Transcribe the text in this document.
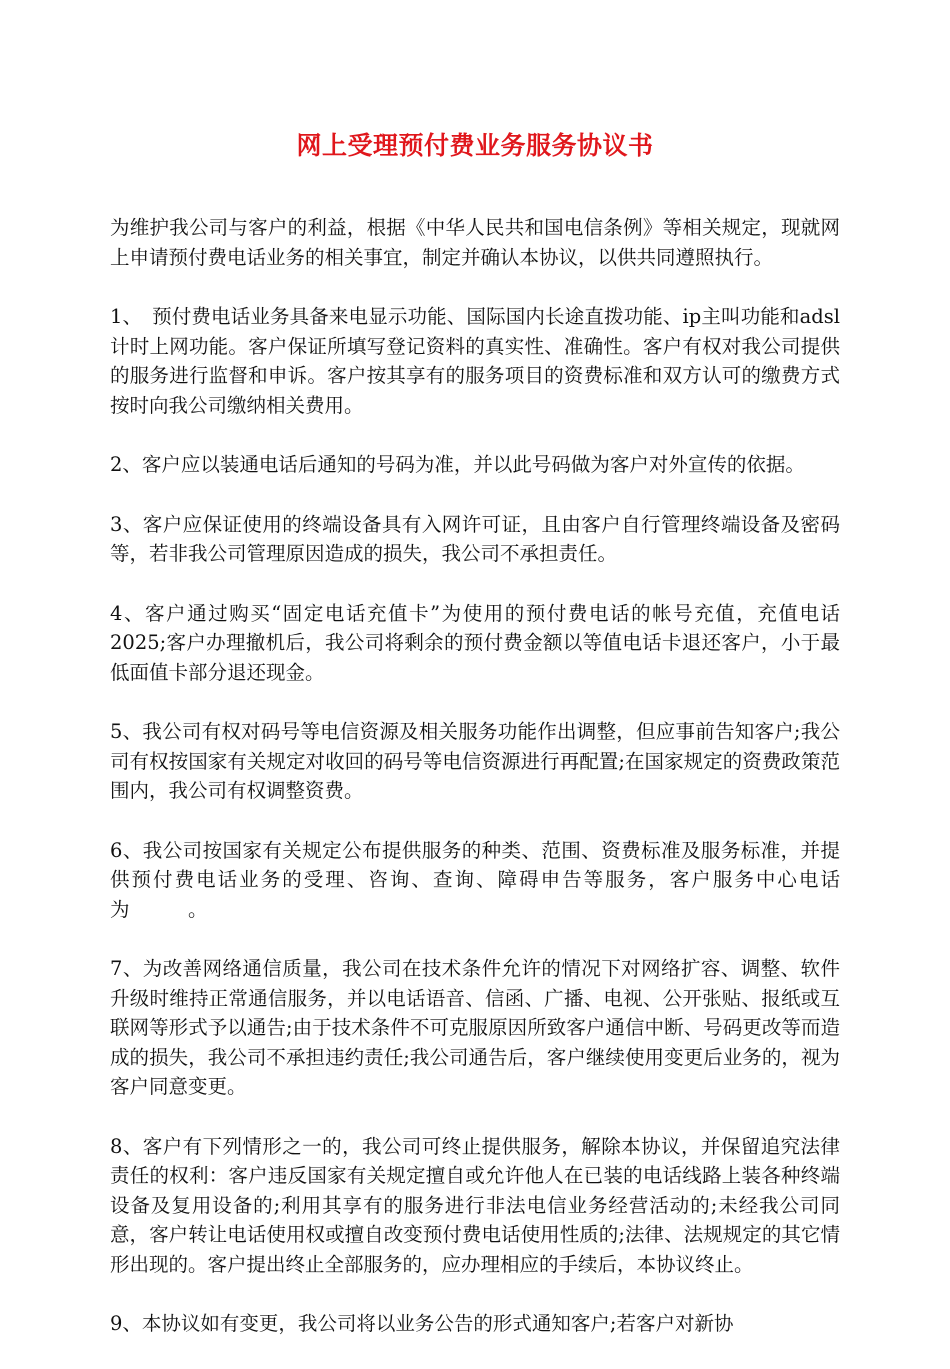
网上受理预付费业务服务协议书

为维护我公司与客户的利益，根据《中华人民共和国电信条例》等相关规定，现就网上申请预付费电话业务的相关事宜，制定并确认本协议，以供共同遵照执行。

1、　预付费电话业务具备来电显示功能、国际国内长途直拨功能、ip主叫功能和adsl计时上网功能。客户保证所填写登记资料的真实性、准确性。客户有权对我公司提供的服务进行监督和申诉。客户按其享有的服务项目的资费标准和双方认可的缴费方式按时向我公司缴纳相关费用。

2、客户应以装通电话后通知的号码为准，并以此号码做为客户对外宣传的依据。

3、客户应保证使用的终端设备具有入网许可证，且由客户自行管理终端设备及密码等，若非我公司管理原因造成的损失，我公司不承担责任。

4、客户通过购买“固定电话充值卡”为使用的预付费电话的帐号充值，充值电话2025;客户办理撤机后，我公司将剩余的预付费金额以等值电话卡退还客户，小于最低面值卡部分退还现金。

5、我公司有权对码号等电信资源及相关服务功能作出调整，但应事前告知客户;我公司有权按国家有关规定对收回的码号等电信资源进行再配置;在国家规定的资费政策范围内，我公司有权调整资费。

6、我公司按国家有关规定公布提供服务的种类、范围、资费标准及服务标准，并提供预付费电话业务的受理、咨询、查询、障碍申告等服务，客户服务中心电话为　　　。

7、为改善网络通信质量，我公司在技术条件允许的情况下对网络扩容、调整、软件升级时维持正常通信服务，并以电话语音、信函、广播、电视、公开张贴、报纸或互联网等形式予以通告;由于技术条件不可克服原因所致客户通信中断、号码更改等而造成的损失，我公司不承担违约责任;我公司通告后，客户继续使用变更后业务的，视为客户同意变更。

8、客户有下列情形之一的，我公司可终止提供服务，解除本协议，并保留追究法律责任的权利：客户违反国家有关规定擅自或允许他人在已装的电话线路上装各种终端设备及复用设备的;利用其享有的服务进行非法电信业务经营活动的;未经我公司同意，客户转让电话使用权或擅自改变预付费电话使用性质的;法律、法规规定的其它情形出现的。客户提出终止全部服务的，应办理相应的手续后，本协议终止。

9、本协议如有变更，我公司将以业务公告的形式通知客户;若客户对新协
